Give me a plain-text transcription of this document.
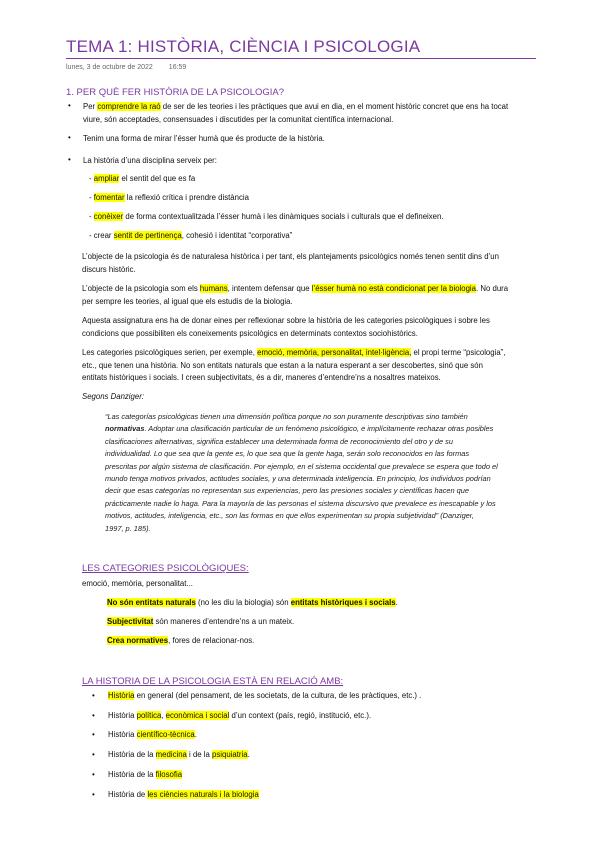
TEMA 1: HISTÒRIA, CIÈNCIA I PSICOLOGIA
lunes, 3 de octubre de 2022 16:59
1. PER QUÈ FER HISTÒRIA DE LA PSICOLOGIA?
• Per comprendre la raó de ser de les teories i les pràctiques que avui en dia, en el moment històric concret que ens ha tocat
viure, són acceptades, consensuades i discutides per la comunitat científica internacional.
• Tenim una forma de mirar l’ésser humà que és producte de la història.
• La història d’una disciplina serveix per:
- ampliar el sentit del que es fa
- fomentar la reflexió crítica i prendre distància
- conèixer de forma contextualitzada l’ésser humà i les dinàmiques socials i culturals que el defineixen.
- crear sentit de pertinença, cohesió i identitat “corporativa”
L’objecte de la psicologia és de naturalesa històrica i per tant, els plantejaments psicològics només tenen sentit dins d’un
discurs històric.
L’objecte de la psicologia som els humans, intentem defensar que l’ésser humà no està condicionat per la biologia. No dura
per sempre les teories, al igual que els estudis de la biologia.
Aquesta assignatura ens ha de donar eines per reflexionar sobre la història de les categories psicològiques i sobre les
condicions que possibiliten els coneixements psicològics en determinats contextos sociohistòrics.
Les categories psicològiques serien, per exemple, emoció, memòria, personalitat, intel·ligència, el propi terme “psicologia”,
etc., que tenen una història. No son entitats naturals que estan a la natura esperant a ser descobertes, sinó que són
entitats històriques i socials. I creen subjectivitats, és a dir, maneres d’entendre’ns a nosaltres mateixos.
Segons Danziger:
“Las categorías psicológicas tienen una dimensión política porque no son puramente descriptivas sino también
normativas. Adoptar una clasificación particular de un fenómeno psicológico, e implícitamente rechazar otras posibles
clasificaciones alternativas, significa establecer una determinada forma de reconocimiento del otro y de su
individualidad. Lo que sea que la gente es, lo que sea que la gente haga, serán solo reconocidos en las formas
prescritas por algún sistema de clasificación. Por ejemplo, en el sistema occidental que prevalece se espera que todo el
mundo tenga motivos privados, actitudes sociales, y una determinada inteligencia. En principio, los individuos podrían
decir que esas categorías no representan sus experiencias, pero las presiones sociales y científicas hacen que
prácticamente nadie lo haga. Para la mayoría de las personas el sistema discursivo que prevalece es inescapable y los
motivos, actitudes, inteligencia, etc., son las formas en que ellos experimentan su propia subjetividad” (Danziger,
1997, p. 185).
LES CATEGORIES PSICOLÒGIQUES:
emoció, memòria, personalitat...
No són entitats naturals (no les diu la biologia) són entitats històriques i socials.
Subjectivitat són maneres d’entendre’ns a un mateix.
Crea normatives, fores de relacionar-nos.
LA HISTORIA DE LA PSICOLOGIA ESTÀ EN RELACIÓ AMB:
• Història en general (del pensament, de les societats, de la cultura, de les pràctiques, etc.) .
• Història política, econòmica i social d’un context (país, regió, institució, etc.).
• Història científico-tècnica.
• Història de la medicina i de la psiquiatria.
• Història de la filosofia
• Història de les ciències naturals i la biologia
